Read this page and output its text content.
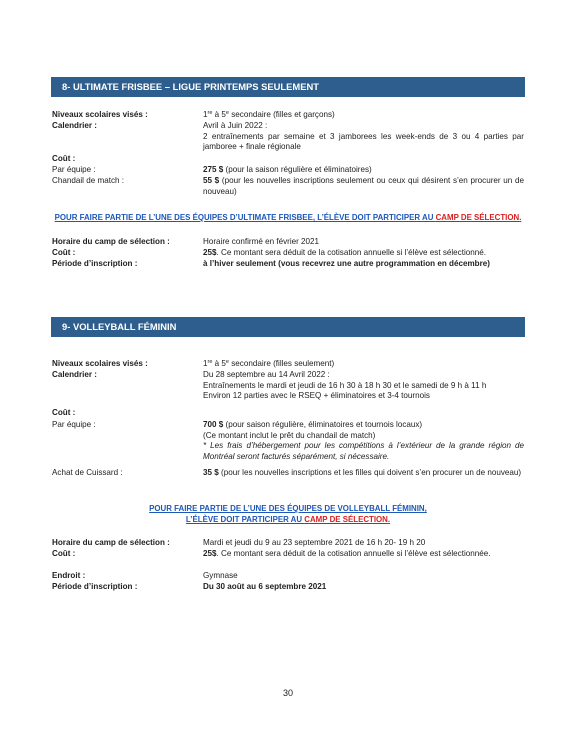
8- ULTIMATE FRISBEE – LIGUE PRINTEMPS SEULEMENT
Niveaux scolaires visés :	1re à 5e secondaire (filles et garçons)
Calendrier :	Avril à Juin 2022 :
2 entraînements par semaine et 3 jamborees les week-ends de 3 ou 4 parties par jamboree + finale régionale
Coût :
Par équipe :	275 $ (pour la saison régulière et éliminatoires)
Chandail de match :	55 $ (pour les nouvelles inscriptions seulement ou ceux qui désirent s’en procurer un de nouveau)
POUR FAIRE PARTIE DE L’UNE DES ÉQUIPES D’ULTIMATE FRISBEE, L’ÉLÈVE DOIT PARTICIPER AU CAMP DE SÉLECTION.
Horaire du camp de sélection :	Horaire confirmé en février 2021
Coût :	25$. Ce montant sera déduit de la cotisation annuelle si l’élève est sélectionné.
Période d’inscription :	à l’hiver seulement (vous recevrez une autre programmation en décembre)
9- VOLLEYBALL FÉMININ
Niveaux scolaires visés :	1re à 5e secondaire (filles seulement)
Calendrier :	Du 28 septembre au 14 Avril 2022 :
Entraînements le mardi et jeudi de 16 h 30 à 18 h 30 et le samedi de 9 h à 11 h
Environ 12 parties avec le RSEQ + éliminatoires et 3-4 tournois
Coût :
Par équipe :	700 $ (pour saison régulière, éliminatoires et tournois locaux)
(Ce montant inclut le prêt du chandail de match)
* Les frais d’hébergement pour les compétitions à l’extérieur de la grande région de Montréal seront facturés séparément, si nécessaire.
Achat de Cuissard :	35 $ (pour les nouvelles inscriptions et les filles qui doivent s’en procurer un de nouveau)
POUR FAIRE PARTIE DE L’UNE DES ÉQUIPES DE VOLLEYBALL FÉMININ,
L’ÉLÈVE DOIT PARTICIPER AU CAMP DE SÉLECTION.
Horaire du camp de sélection :	Mardi et jeudi du 9 au 23 septembre 2021 de 16 h 20- 19 h 20
Coût :	25$. Ce montant sera déduit de la cotisation annuelle si l’élève est sélectionnée.
Endroit :	Gymnase
Période d’inscription :	Du 30 août au 6 septembre 2021
30
